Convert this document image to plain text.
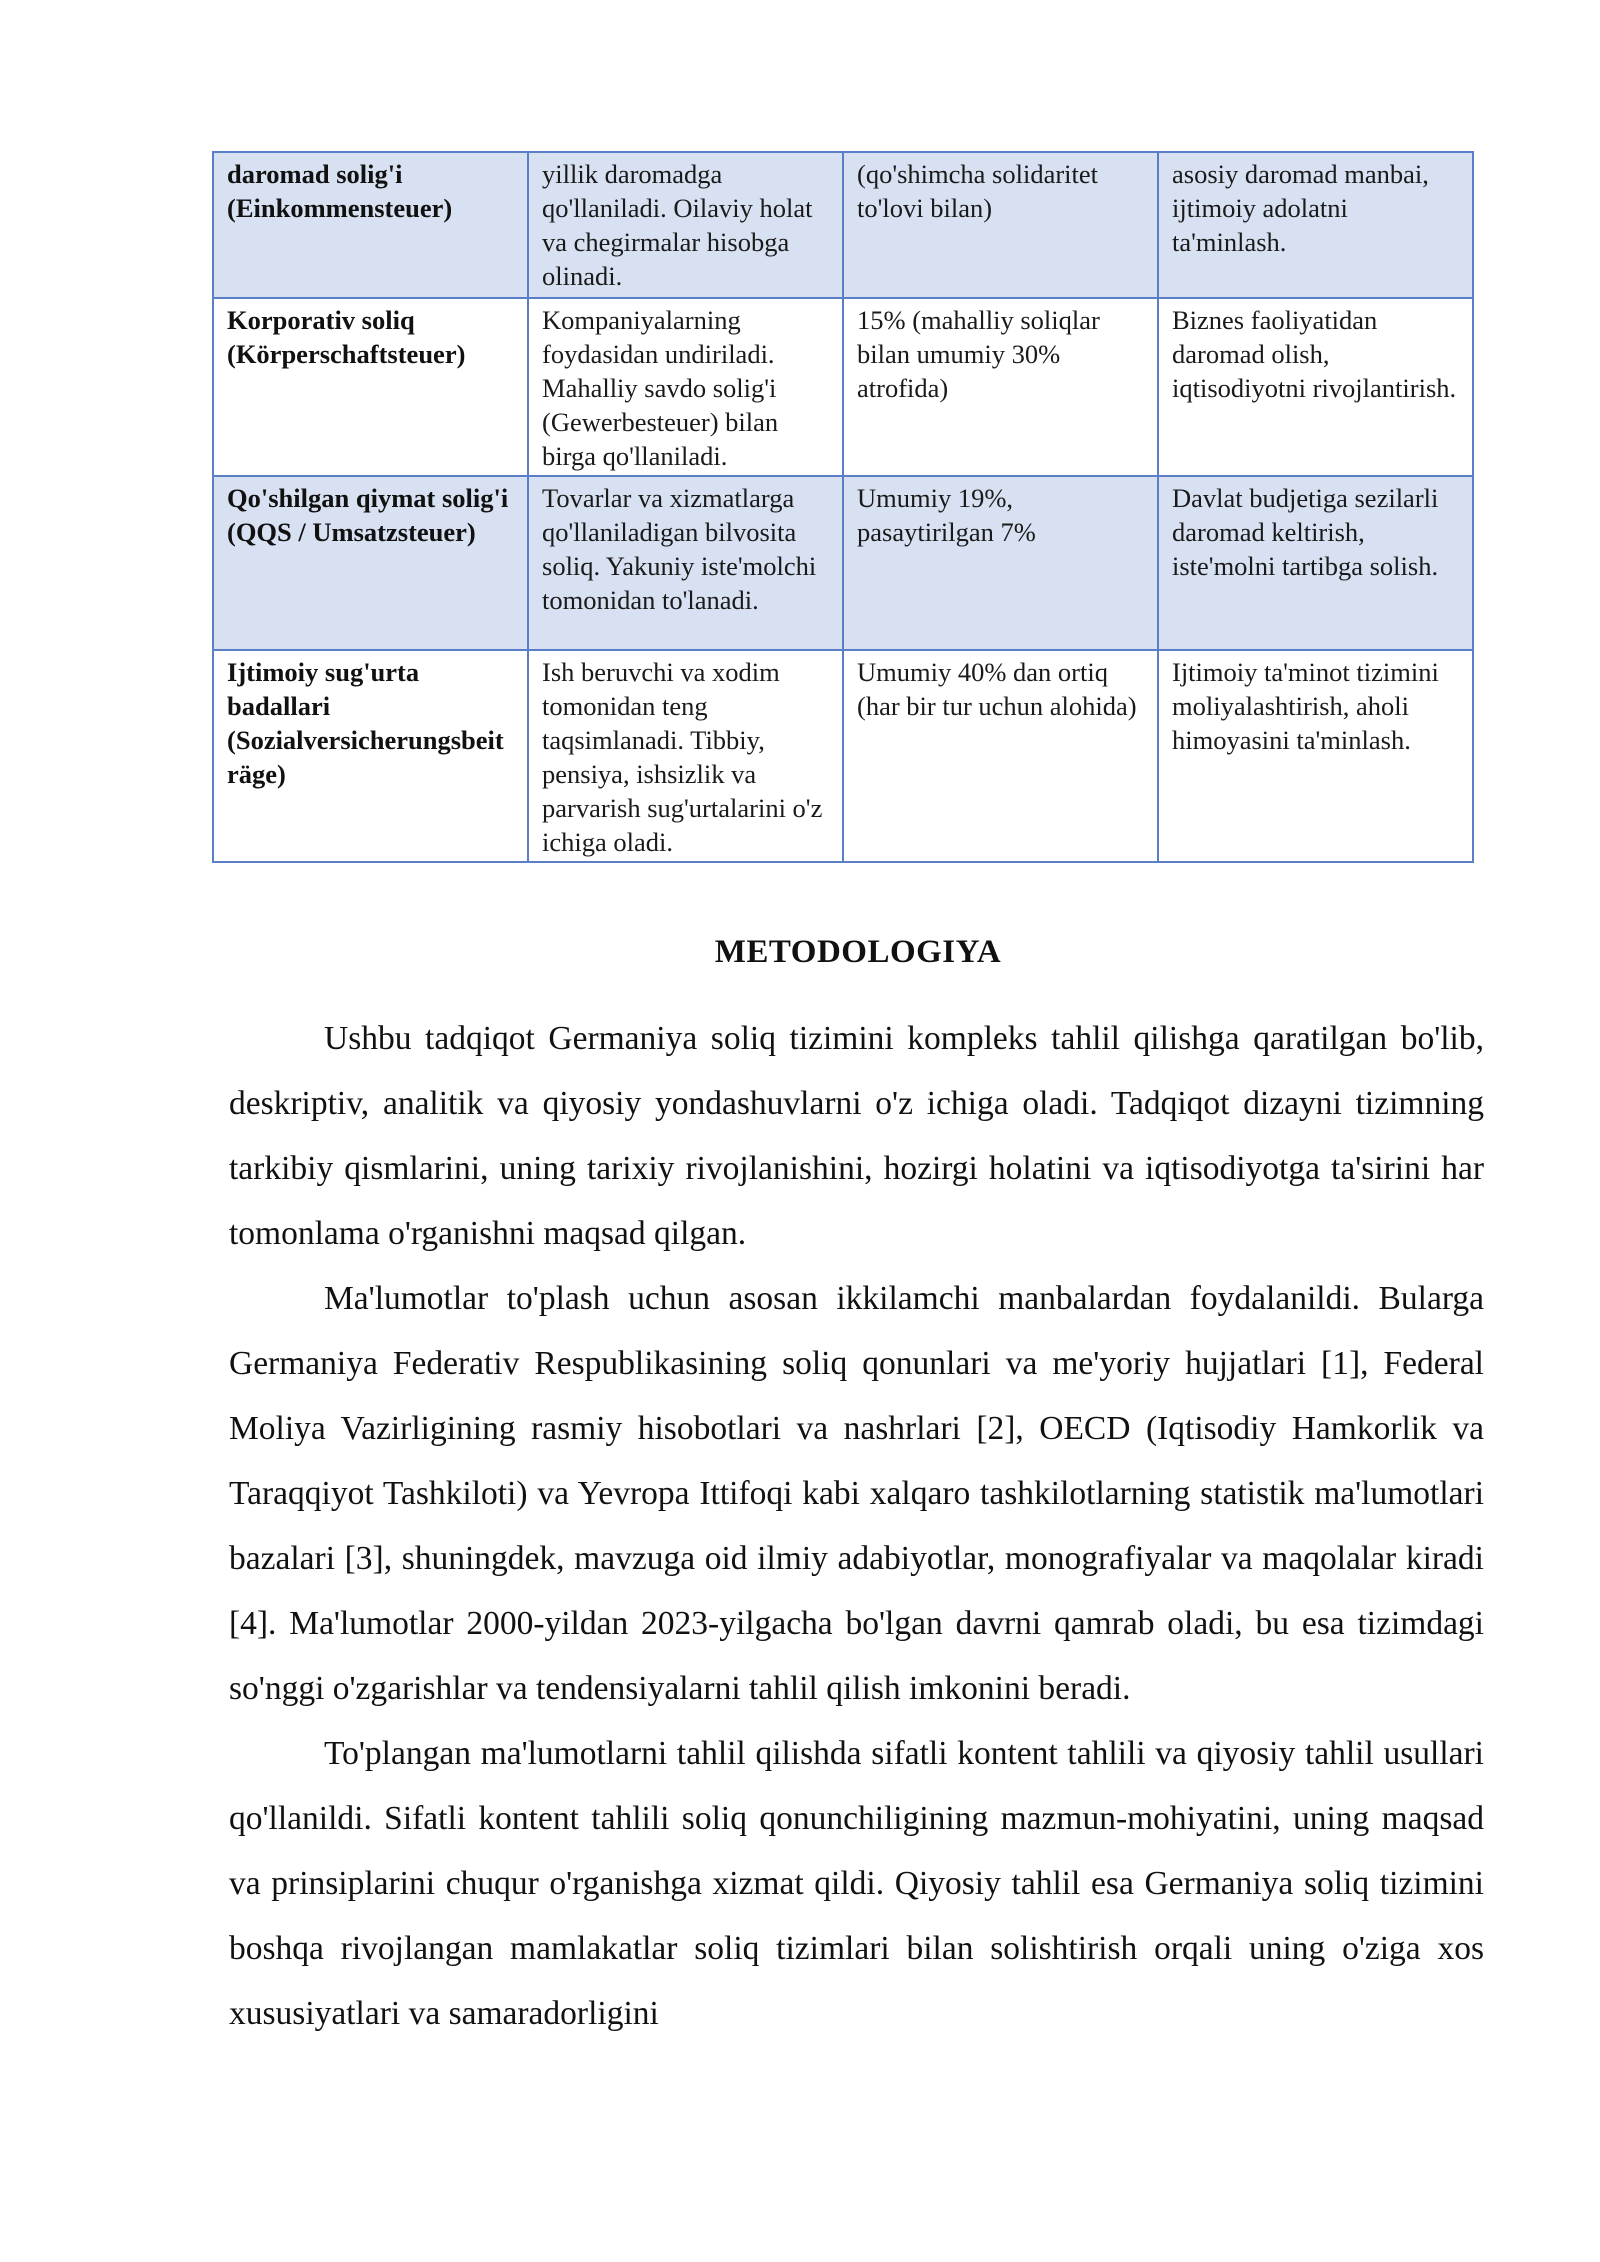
daromad solig'i (Einkommensteuer)	yillik daromadga qo'llaniladi. Oilaviy holat va chegirmalar hisobga olinadi.	(qo'shimcha solidaritet to'lovi bilan)	asosiy daromad manbai, ijtimoiy adolatni ta'minlash.
Korporativ soliq (Körperschaftsteuer)	Kompaniyalarning foydasidan undiriladi. Mahalliy savdo solig'i (Gewerbesteuer) bilan birga qo'llaniladi.	15% (mahalliy soliqlar bilan umumiy 30% atrofida)	Biznes faoliyatidan daromad olish, iqtisodiyotni rivojlantirish.
Qo'shilgan qiymat solig'i (QQS / Umsatzsteuer)	Tovarlar va xizmatlarga qo'llaniladigan bilvosita soliq. Yakuniy iste'molchi tomonidan to'lanadi.	Umumiy 19%, pasaytirilgan 7%	Davlat budjetiga sezilarli daromad keltirish, iste'molni tartibga solish.
Ijtimoiy sug'urta badallari (Sozialversicherungsbeiträge)	Ish beruvchi va xodim tomonidan teng taqsimlanadi. Tibbiy, pensiya, ishsizlik va parvarish sug'urtalarini o'z ichiga oladi.	Umumiy 40% dan ortiq (har bir tur uchun alohida)	Ijtimoiy ta'minot tizimini moliyalashtirish, aholi himoyasini ta'minlash.
METODOLOGIYA

Ushbu tadqiqot Germaniya soliq tizimini kompleks tahlil qilishga qaratilgan bo'lib, deskriptiv, analitik va qiyosiy yondashuvlarni o'z ichiga oladi. Tadqiqot dizayni tizimning tarkibiy qismlarini, uning tarixiy rivojlanishini, hozirgi holatini va iqtisodiyotga ta'sirini har tomonlama o'rganishni maqsad qilgan.

Ma'lumotlar to'plash uchun asosan ikkilamchi manbalardan foydalanildi. Bularga Germaniya Federativ Respublikasining soliq qonunlari va me'yoriy hujjatlari [1], Federal Moliya Vazirligining rasmiy hisobotlari va nashrlari [2], OECD (Iqtisodiy Hamkorlik va Taraqqiyot Tashkiloti) va Yevropa Ittifoqi kabi xalqaro tashkilotlarning statistik ma'lumotlari bazalari [3], shuningdek, mavzuga oid ilmiy adabiyotlar, monografiyalar va maqolalar kiradi [4]. Ma'lumotlar 2000-yildan 2023-yilgacha bo'lgan davrni qamrab oladi, bu esa tizimdagi so'nggi o'zgarishlar va tendensiyalarni tahlil qilish imkonini beradi.

To'plangan ma'lumotlarni tahlil qilishda sifatli kontent tahlili va qiyosiy tahlil usullari qo'llanildi. Sifatli kontent tahlili soliq qonunchiligining mazmun-mohiyatini, uning maqsad va prinsiplarini chuqur o'rganishga xizmat qildi. Qiyosiy tahlil esa Germaniya soliq tizimini boshqa rivojlangan mamlakatlar soliq tizimlari bilan solishtirish orqali uning o'ziga xos xususiyatlari va samaradorligini
